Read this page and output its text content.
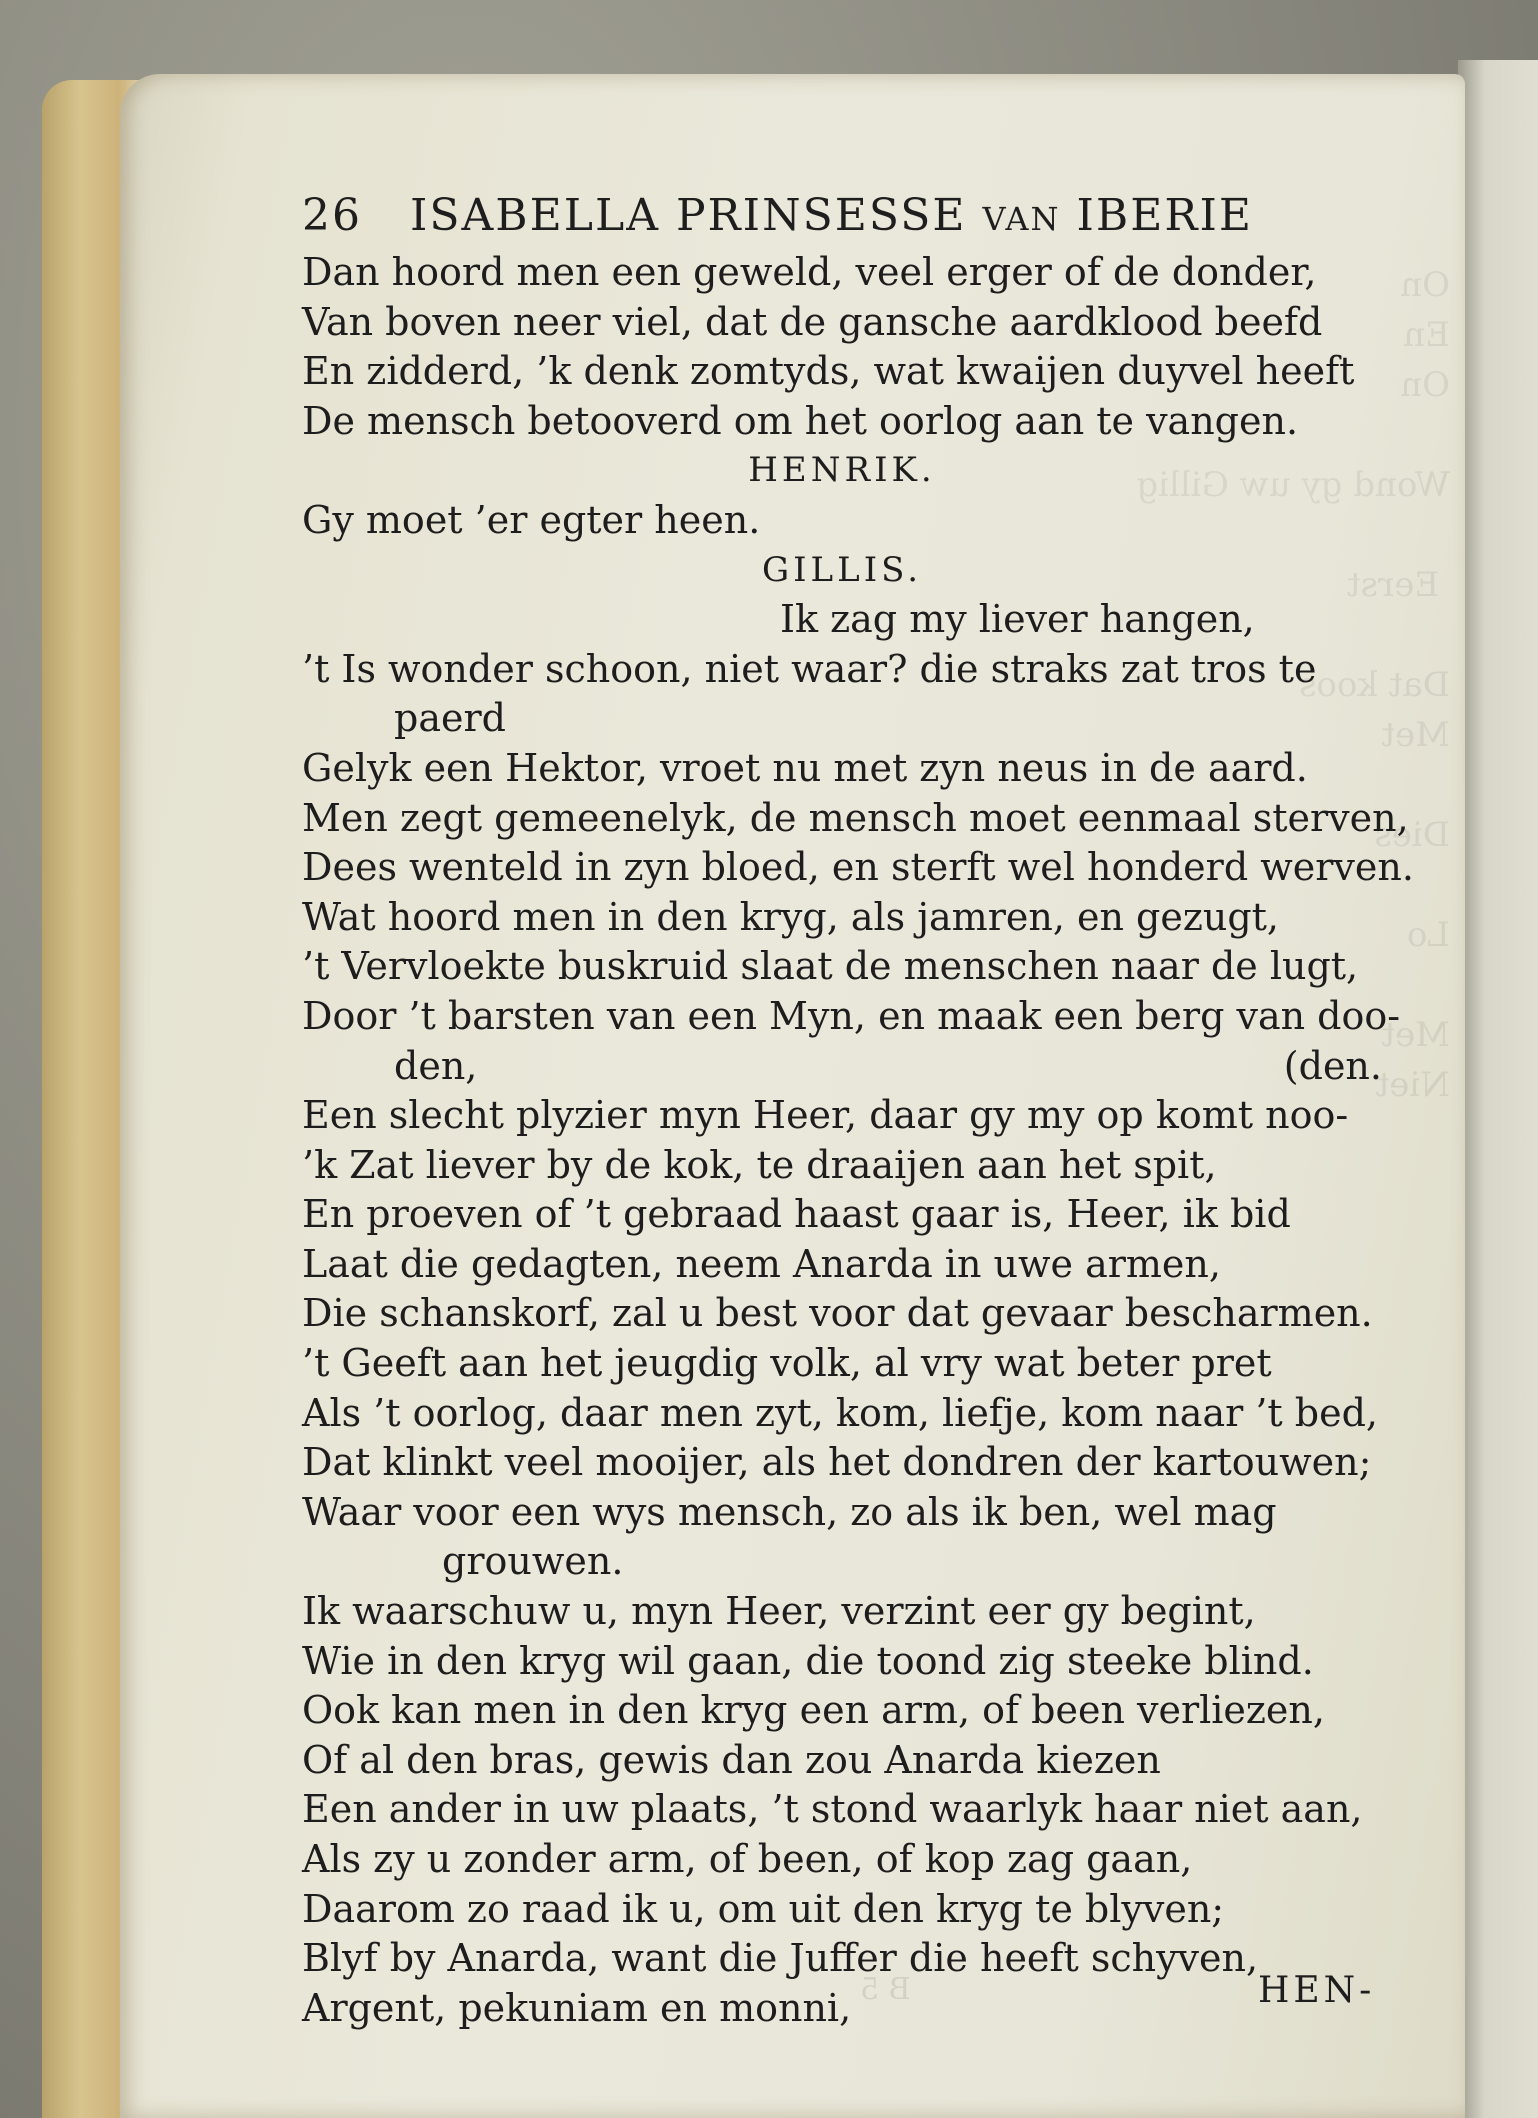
On
En
On

Wond gy uw Gillig

Eerst

Dat koos
Met

Dies

Lo

Met
Niet
26 ISABELLA PRINSESSE VAN IBERIE
Dan hoord men een geweld, veel erger of de donder,
Van boven neer viel, dat de gansche aardklood beefd
En zidderd, ’k denk zomtyds, wat kwaijen duyvel heeft
De mensch betooverd om het oorlog aan te vangen.
HENRIK.
Gy moet ’er egter heen.
GILLIS.
Ik zag my liever hangen,
’t Is wonder schoon, niet waar? die straks zat tros te
paerd
Gelyk een Hektor, vroet nu met zyn neus in de aard.
Men zegt gemeenelyk, de mensch moet eenmaal sterven,
Dees wenteld in zyn bloed, en sterft wel honderd werven.
Wat hoord men in den kryg, als jamren, en gezugt,
’t Vervloekte buskruid slaat de menschen naar de lugt,
Door ’t barsten van een Myn, en maak een berg van doo-
den,	(den.
Een slecht plyzier myn Heer, daar gy my op komt noo-
’k Zat liever by de kok, te draaijen aan het spit,
En proeven of ’t gebraad haast gaar is, Heer, ik bid
Laat die gedagten, neem Anarda in uwe armen,
Die schanskorf, zal u best voor dat gevaar bescharmen.
’t Geeft aan het jeugdig volk, al vry wat beter pret
Als ’t oorlog, daar men zyt, kom, liefje, kom naar ’t bed,
Dat klinkt veel mooijer, als het dondren der kartouwen;
Waar voor een wys mensch, zo als ik ben, wel mag
grouwen.
Ik waarschuw u, myn Heer, verzint eer gy begint,
Wie in den kryg wil gaan, die toond zig steeke blind.
Ook kan men in den kryg een arm, of been verliezen,
Of al den bras, gewis dan zou Anarda kiezen
Een ander in uw plaats, ’t stond waarlyk haar niet aan,
Als zy u zonder arm, of been, of kop zag gaan,
Daarom zo raad ik u, om uit den kryg te blyven;
Blyf by Anarda, want die Juffer die heeft schyven,
Argent, pekuniam en monni, B 5	HEN-
